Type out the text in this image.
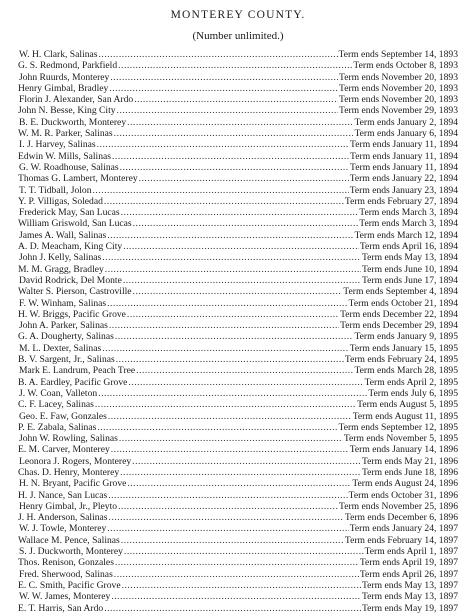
MONTEREY COUNTY.
(Number unlimited.)
W. H. Clark, Salinas .....	Term ends September 14, 1893
G. S. Redmond, Parkfield .....	Term ends October 8, 1893
John Ruurds, Monterey .....	Term ends November 20, 1893
Henry Gimbal, Bradley .....	Term ends November 20, 1893
Florin J. Alexander, San Ardo .....	Term ends November 20, 1893
John N. Besse, King City .....	Term ends November 29, 1893
B. E. Duckworth, Monterey .....	Term ends January 2, 1894
W. M. R. Parker, Salinas .....	Term ends January 6, 1894
I. J. Harvey, Salinas .....	Term ends January 11, 1894
Edwin W. Mills, Salinas .....	Term ends January 11, 1894
G. W. Roadhouse, Salinas .....	Term ends January 11, 1894
Thomas G. Lambert, Monterey .....	Term ends January 22, 1894
T. T. Tidball, Jolon .....	Term ends January 23, 1894
Y. P. Villigas, Soledad .....	Term ends February 27, 1894
Frederick May, San Lucas .....	Term ends March 3, 1894
William Griswold, San Lucas .....	Term ends March 3, 1894
James A. Wall, Salinas .....	Term ends March 12, 1894
A. D. Meacham, King City .....	Term ends April 16, 1894
John J. Kelly, Salinas .....	Term ends May 13, 1894
M. M. Gragg, Bradley .....	Term ends June 10, 1894
David Rodrick, Del Monte .....	Term ends June 17, 1894
Walter S. Pierson, Castroville .....	Term ends September 4, 1894
F. W. Winham, Salinas .....	Term ends October 21, 1894
H. W. Briggs, Pacific Grove .....	Term ends December 22, 1894
John A. Parker, Salinas .....	Term ends December 29, 1894
G. A. Dougherty, Salinas .....	Term ends January 9, 1895
M. L. Dexter, Salinas .....	Term ends January 15, 1895
B. V. Sargent, Jr., Salinas .....	Term ends February 24, 1895
Mark E. Landrum, Peach Tree .....	Term ends March 28, 1895
B. A. Eardley, Pacific Grove .....	Term ends April 2, 1895
J. W. Coan, Valleton .....	Term ends July 6, 1895
C. F. Lacey, Salinas .....	Term ends August 5, 1895
Geo. E. Faw, Gonzales .....	Term ends August 11, 1895
P. E. Zabala, Salinas .....	Term ends September 12, 1895
John W. Rowling, Salinas .....	Term ends November 5, 1895
E. M. Carver, Monterey .....	Term ends January 14, 1896
Leonora J. Rogers, Monterey .....	Term ends May 21, 1896
Chas. D. Henry, Monterey .....	Term ends June 18, 1896
H. N. Bryant, Pacific Grove .....	Term ends August 24, 1896
H. J. Nance, San Lucas .....	Term ends October 31, 1896
Henry Gimbal, Jr., Pleyto .....	Term ends November 25, 1896
J. H. Anderson, Salinas .....	Term ends December 6, 1896
W. J. Towle, Monterey .....	Term ends January 24, 1897
Wallace M. Pence, Salinas .....	Term ends February 14, 1897
S. J. Duckworth, Monterey .....	Term ends April 1, 1897
Thos. Renison, Gonzales .....	Term ends April 19, 1897
Fred. Sherwood, Salinas .....	Term ends April 26, 1897
E. C. Smith, Pacific Grove .....	Term ends May 13, 1897
W. W. James, Monterey .....	Term ends May 13, 1897
E. T. Harris, San Ardo .....	Term ends May 19, 1897
